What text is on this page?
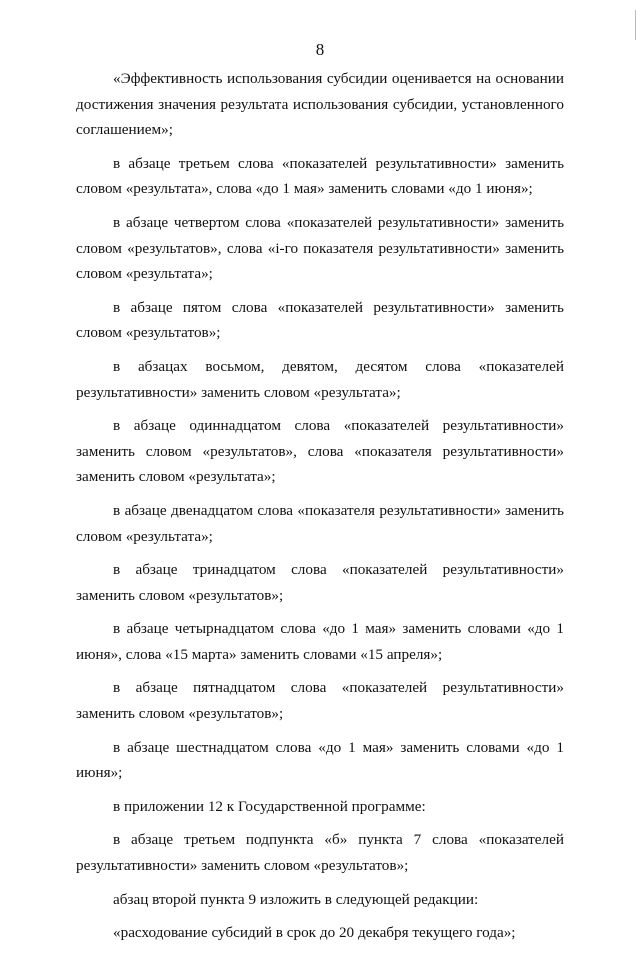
8

«Эффективность использования субсидии оценивается на основании достижения значения результата использования субсидии, установленного соглашением»;

в абзаце третьем слова «показателей результативности» заменить словом «результата», слова «до 1 мая» заменить словами «до 1 июня»;

в абзаце четвертом слова «показателей результативности» заменить словом «результатов», слова «i-го показателя результативности» заменить словом «результата»;

в абзаце пятом слова «показателей результативности» заменить словом «результатов»;

в абзацах восьмом, девятом, десятом слова «показателей результативности» заменить словом «результата»;

в абзаце одиннадцатом слова «показателей результативности» заменить словом «результатов», слова «показателя результативности» заменить словом «результата»;

в абзаце двенадцатом слова «показателя результативности» заменить словом «результата»;

в абзаце тринадцатом слова «показателей результативности» заменить словом «результатов»;

в абзаце четырнадцатом слова «до 1 мая» заменить словами «до 1 июня», слова «15 марта» заменить словами «15 апреля»;

в абзаце пятнадцатом слова «показателей результативности» заменить словом «результатов»;

в абзаце шестнадцатом слова «до 1 мая» заменить словами «до 1 июня»;

в приложении 12 к Государственной программе:

в абзаце третьем подпункта «б» пункта 7 слова «показателей результативности» заменить словом «результатов»;

абзац второй пункта 9 изложить в следующей редакции:

«расходование субсидий в срок до 20 декабря текущего года»;
